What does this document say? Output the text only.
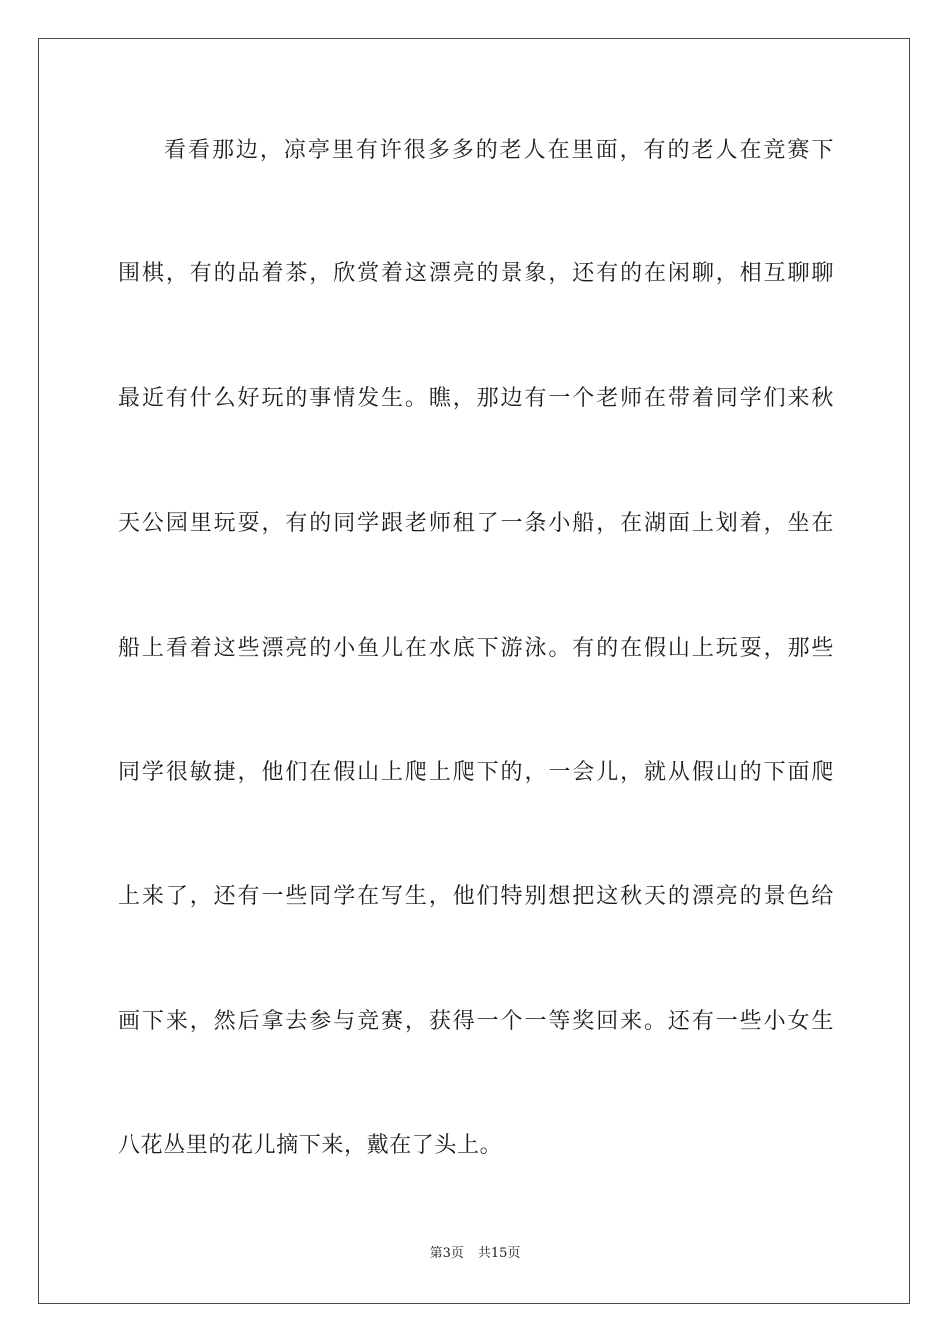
看看那边，凉亭里有许很多多的老人在里面，有的老人在竞赛下

围棋，有的品着茶，欣赏着这漂亮的景象，还有的在闲聊，相互聊聊

最近有什么好玩的事情发生。瞧，那边有一个老师在带着同学们来秋

天公园里玩耍，有的同学跟老师租了一条小船，在湖面上划着，坐在

船上看着这些漂亮的小鱼儿在水底下游泳。有的在假山上玩耍，那些

同学很敏捷，他们在假山上爬上爬下的，一会儿，就从假山的下面爬

上来了，还有一些同学在写生，他们特别想把这秋天的漂亮的景色给

画下来，然后拿去参与竞赛，获得一个一等奖回来。还有一些小女生

八花丛里的花儿摘下来，戴在了头上。

第3页 共15页
